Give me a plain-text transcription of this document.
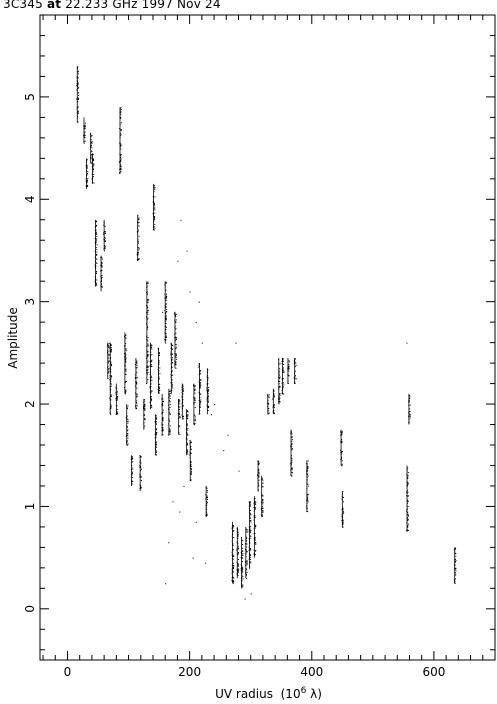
3C345 at 22.233 GHz 1997 Nov 24
0	200	400	600
0
1
2
3
4
5
Amplitude
UV radius ($10^6$ λ)
